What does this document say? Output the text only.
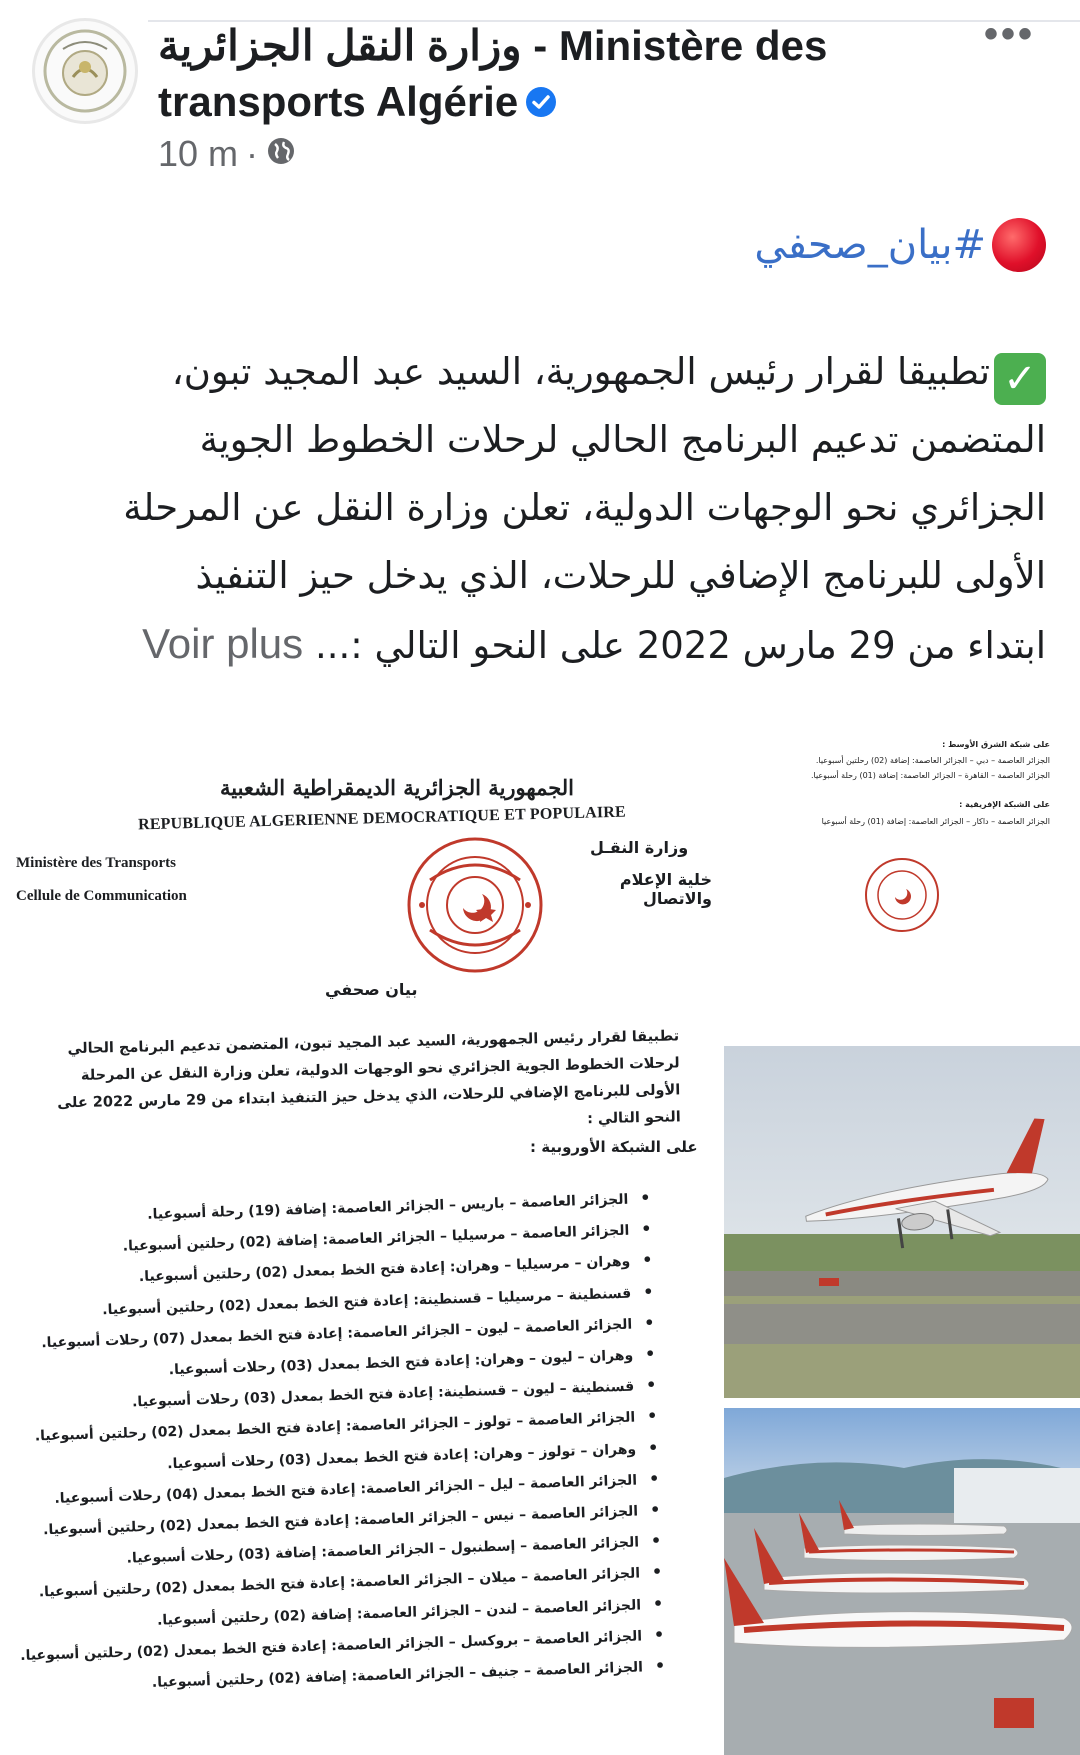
وزارة النقل الجزائرية - Ministère des transports Algérie
10 m ·
•••
#بيان_صحفي
✓تطبيقا لقرار رئيس الجمهورية، السيد عبد المجيد تبون،
المتضمن تدعيم البرنامج الحالي لرحلات الخطوط الجوية
الجزائري نحو الوجهات الدولية، تعلن وزارة النقل عن المرحلة
الأولى للبرنامج الإضافي للرحلات، الذي يدخل حيز التنفيذ
ابتداء من 29 مارس 2022 على النحو التالي :... Voir plus
الجمهورية الجزائرية الديمقراطية الشعبية
REPUBLIQUE ALGERIENNE DEMOCRATIQUE ET POPULAIRE
Ministère des Transports
Cellule de Communication
وزارة النقـل
خلية الإعلام والاتصال
بيان صحفي
تطبيقا لقرار رئيس الجمهورية، السيد عبد المجيد تبون، المتضمن تدعيم البرنامج الحالي لرحلات الخطوط الجوية الجزائري نحو الوجهات الدولية، تعلن وزارة النقل عن المرحلة الأولى للبرنامج الإضافي للرحلات، الذي يدخل حيز التنفيذ ابتداء من 29 مارس 2022 على النحو التالي :
على الشبكة الأوروبية :
• الجزائر العاصمة – باريس – الجزائر العاصمة: إضافة (19) رحلة أسبوعيا.
• الجزائر العاصمة – مرسيليا – الجزائر العاصمة: إضافة (02) رحلتين أسبوعيا.
• وهران – مرسيليا – وهران: إعادة فتح الخط بمعدل (02) رحلتين أسبوعيا.
• قسنطينة – مرسيليا – قسنطينة: إعادة فتح الخط بمعدل (02) رحلتين أسبوعيا.
• الجزائر العاصمة – ليون – الجزائر العاصمة: إعادة فتح الخط بمعدل (07) رحلات أسبوعيا.
• وهران – ليون – وهران: إعادة فتح الخط بمعدل (03) رحلات أسبوعيا.
• قسنطينة – ليون – قسنطينة: إعادة فتح الخط بمعدل (03) رحلات أسبوعيا.
• الجزائر العاصمة – تولوز – الجزائر العاصمة: إعادة فتح الخط بمعدل (02) رحلتين أسبوعيا.
• وهران – تولوز – وهران: إعادة فتح الخط بمعدل (03) رحلات أسبوعيا.
• الجزائر العاصمة – ليل – الجزائر العاصمة: إعادة فتح الخط بمعدل (04) رحلات أسبوعيا.
• الجزائر العاصمة – نيس – الجزائر العاصمة: إعادة فتح الخط بمعدل (02) رحلتين أسبوعيا.
• الجزائر العاصمة – إسطنبول – الجزائر العاصمة: إضافة (03) رحلات أسبوعيا.
• الجزائر العاصمة – ميلان – الجزائر العاصمة: إعادة فتح الخط بمعدل (02) رحلتين أسبوعيا.
• الجزائر العاصمة – لندن – الجزائر العاصمة: إضافة (02) رحلتين أسبوعيا.
• الجزائر العاصمة – بروكسل – الجزائر العاصمة: إعادة فتح الخط بمعدل (02) رحلتين أسبوعيا.
• الجزائر العاصمة – جنيف – الجزائر العاصمة: إضافة (02) رحلتين أسبوعيا.
على شبكة الشرق الأوسط :
الجزائر العاصمة – دبي – الجزائر العاصمة: إضافة (02) رحلتين أسبوعيا.
الجزائر العاصمة – القاهرة – الجزائر العاصمة: إضافة (01) رحلة أسبوعيا.
على الشبكة الإفريقية :
الجزائر العاصمة – داكار – الجزائر العاصمة: إضافة (01) رحلة أسبوعيا
